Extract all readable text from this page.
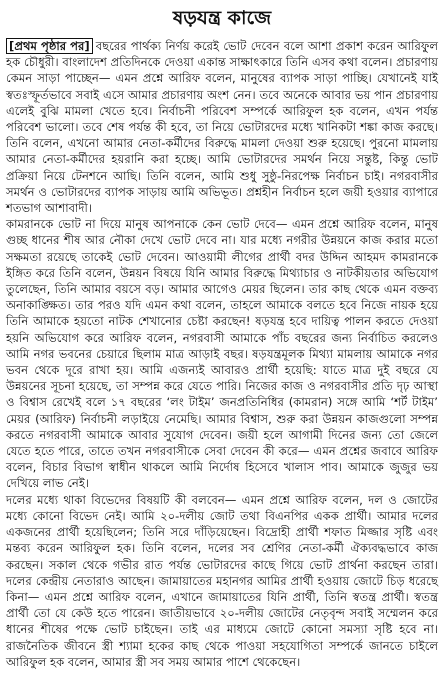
ষড়যন্ত্র কাজে

[প্রথম পৃষ্ঠার পর] বছরের পার্থক্য নির্ণয় করেই ভোট দেবেন বলে আশা প্রকাশ করেন আরিফুল হক চৌধুরী। বাংলাদেশ প্রতিদিনকে দেওয়া একান্ত সাক্ষাৎকারে তিনি এসব কথা বলেন। প্রচারণায় কেমন সাড়া পাচ্ছেন— এমন প্রশ্নে আরিফ বলেন, মানুষের ব্যাপক সাড়া পাচ্ছি। যেখানেই যাই স্বতঃস্ফূর্তভাবে সবাই এসে আমার প্রচারণায় অংশ নেন। তবে অনেকে আবার ভয় পান প্রচারণায় এলেই বুঝি মামলা খেতে হবে। নির্বাচনী পরিবেশ সম্পর্কে আরিফুল হক বলেন, এখন পর্যন্ত পরিবেশ ভালো। তবে শেষ পর্যন্ত কী হবে, তা নিয়ে ভোটারদের মধ্যে খানিকটা শঙ্কা কাজ করছে। তিনি বলেন, এখনো আমার নেতা-কর্মীদের বিরুদ্ধে মামলা দেওয়া শুরু হয়েছে। পুরনো মামলায় আমার নেতা-কর্মীদের হয়রানি করা হচ্ছে। আমি ভোটারদের সমর্থন নিয়ে সন্তুষ্ট, কিন্তু ভোট প্রক্রিয়া নিয়ে টেনশনে আছি। তিনি বলেন, আমি শুধু সুষ্ঠু-নিরপেক্ষ নির্বাচন চাই। নগরবাসীর সমর্থন ও ভোটারদের ব্যাপক সাড়ায় আমি অভিভূত। প্রশ্নহীন নির্বাচন হলে জয়ী হওয়ার ব্যাপারে শতভাগ আশাবাদী।

কামরানকে ভোট না দিয়ে মানুষ আপনাকে কেন ভোট দেবে— এমন প্রশ্নে আরিফ বলেন, মানুষ গুচ্ছ ধানের শীষ আর নৌকা দেখে ভোট দেবে না। যার মধ্যে নগরীর উন্নয়নে কাজ করার মতো সক্ষমতা রয়েছে তাকেই ভোট দেবেন। আওয়ামী লীগের প্রার্থী বদর উদ্দিন আহমদ কামরানকে ইঙ্গিত করে তিনি বলেন, উন্নয়ন বিষয়ে যিনি আমার বিরুদ্ধে মিথ্যাচার ও নাটকীয়তার অভিযোগ তুলেছেন, তিনি আমার বয়সে বড়। আমার আগেও মেয়র ছিলেন। তার কাছ থেকে এমন বক্তব্য অনাকাঙ্ক্ষিত। তার পরও যদি এমন কথা বলেন, তাহলে আমাকে বলতে হবে নিজে নায়ক হয়ে তিনি আমাকে হয়তো নাটক শেখানোর চেষ্টা করছেন! ষড়যন্ত্র হবে দায়িত্ব পালন করতে দেওয়া হয়নি অভিযোগ করে আরিফ বলেন, নগরবাসী আমাকে পাঁচ বছরের জন্য নির্বাচিত করলেও আমি নগর ভবনের চেয়ারে ছিলাম মাত্র আড়াই বছর। ষড়যন্ত্রমূলক মিথ্যা মামলায় আমাকে নগর ভবন থেকে দূরে রাখা হয়। আমি এজন্যই আবারও প্রার্থী হয়েছি: যাতে মাত্র দুই বছরে যে উন্নয়নের সূচনা হয়েছে, তা সম্পন্ন করে যেতে পারি। নিজের কাজ ও নগরবাসীর প্রতি দৃঢ় আস্থা ও বিশ্বাস রেখেই বলে ১৭ বছরের ‘লং টাইম’ জনপ্রতিনিধির (কামরান) সঙ্গে আমি ‘শর্ট টাইম’ মেয়র (আরিফ) নির্বাচনী লড়াইয়ে নেমেছি। আমার বিশ্বাস, শুরু করা উন্নয়ন কাজগুলো সম্পন্ন করতে নগরবাসী আমাকে আবার সুযোগ দেবেন। জয়ী হলে আগামী দিনের জন্য তো জেলে যেতে হতে পারে, তাতে তখন নগরবাসীকে সেবা দেবেন কী করে— এমন প্রশ্নের জবাবে আরিফ বলেন, বিচার বিভাগ স্বাধীন থাকলে আমি নির্দোষ হিসেবে খালাস পাব। আমাকে জুজুর ভয় দেখিয়ে লাভ নেই।

দলের মধ্যে থাকা বিভেদের বিষয়টি কী বলবেন— এমন প্রশ্নে আরিফ বলেন, দল ও জোটের মধ্যে কোনো বিভেদ নেই। আমি ২০-দলীয় জোট তথা বিএনপির একক প্রার্থী। আমার দলের একজনের প্রার্থী হয়েছিলেন; তিনি সরে দাঁড়িয়েছেন। বিদ্রোহী প্রার্থী শফাত মিজ্জার সৃষ্টি এবং মন্তব্য করেন আরিফুল হক। তিনি বলেন, দলের সব শ্রেণির নেতা-কর্মী ঐক্যবদ্ধভাবে কাজ করছেন। সকাল থেকে গভীর রাত পর্যন্ত ভোটারদের কাছে গিয়ে ভোট প্রার্থনা করছেন তারা। দলের কেন্দ্রীয় নেতারাও আছেন। জামায়াতের মহানগর আমির প্রার্থী হওয়ায় জোটে চিড় ধরেছে কিনা— এমন প্রশ্নে আরিফ বলেন, এখানে জামায়াতের যিনি প্রার্থী, তিনি স্বতন্ত্র প্রার্থী। স্বতন্ত্র প্রার্থী তো যে কেউ হতে পারেন। জাতীয়ভাবে ২০-দলীয় জোটের নেতৃবৃন্দ সবাই সম্মেলন করে ধানের শীষের পক্ষে ভোট চাইছেন। তাই এর মাধ্যমে জোটে কোনো সমস্যা সৃষ্টি হবে না। রাজনৈতিক জীবনে স্ত্রী শ্যামা হকের কাছ থেকে পাওয়া সহযোগিতা সম্পর্কে জানতে চাইলে আরিফুল হক বলেন, আমার স্ত্রী সব সময় আমার পাশে থেকেছেন।
